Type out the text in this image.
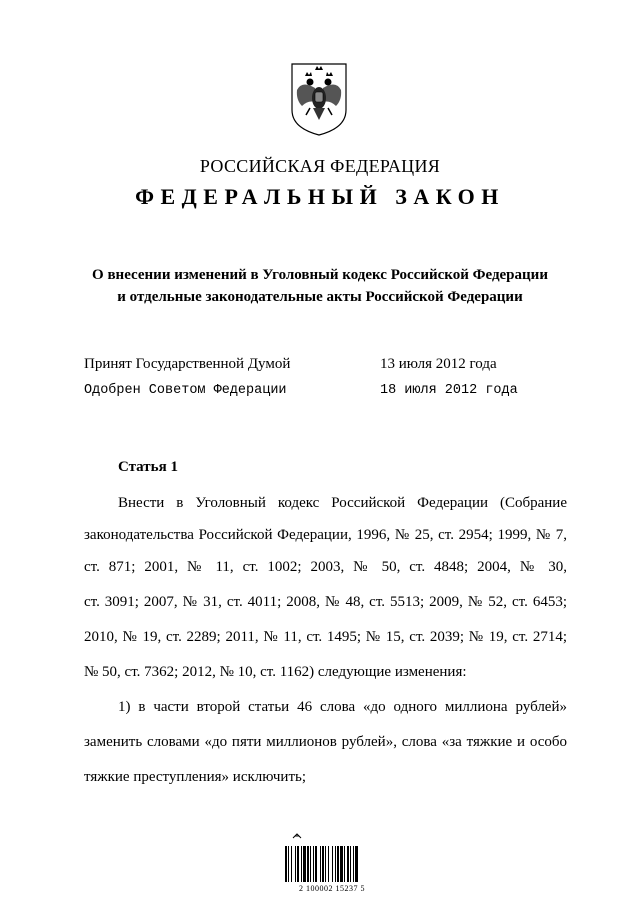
РОССИЙСКАЯ ФЕДЕРАЦИЯ
ФЕДЕРАЛЬНЫЙ ЗАКОН
О внесении изменений в Уголовный кодекс Российской Федерации
и отдельные законодательные акты Российской Федерации
Принят Государственной Думой	13 июля 2012 года
Одобрен Советом Федерации	18 июля 2012 года
Статья 1
Внести в Уголовный кодекс Российской Федерации (Собрание
законодательства Российской Федерации, 1996, № 25, ст. 2954; 1999, № 7,
ст. 871; 2001, № 11, ст. 1002; 2003, № 50, ст. 4848; 2004, № 30,
ст. 3091; 2007, № 31, ст. 4011; 2008, № 48, ст. 5513; 2009, № 52, ст. 6453;
2010, № 19, ст. 2289; 2011, № 11, ст. 1495; № 15, ст. 2039; № 19, ст. 2714;
№ 50, ст. 7362; 2012, № 10, ст. 1162) следующие изменения:
1) в части второй статьи 46 слова «до одного миллиона рублей»
заменить словами «до пяти миллионов рублей», слова «за тяжкие и особо
тяжкие преступления» исключить;
2 100002 15237 5
